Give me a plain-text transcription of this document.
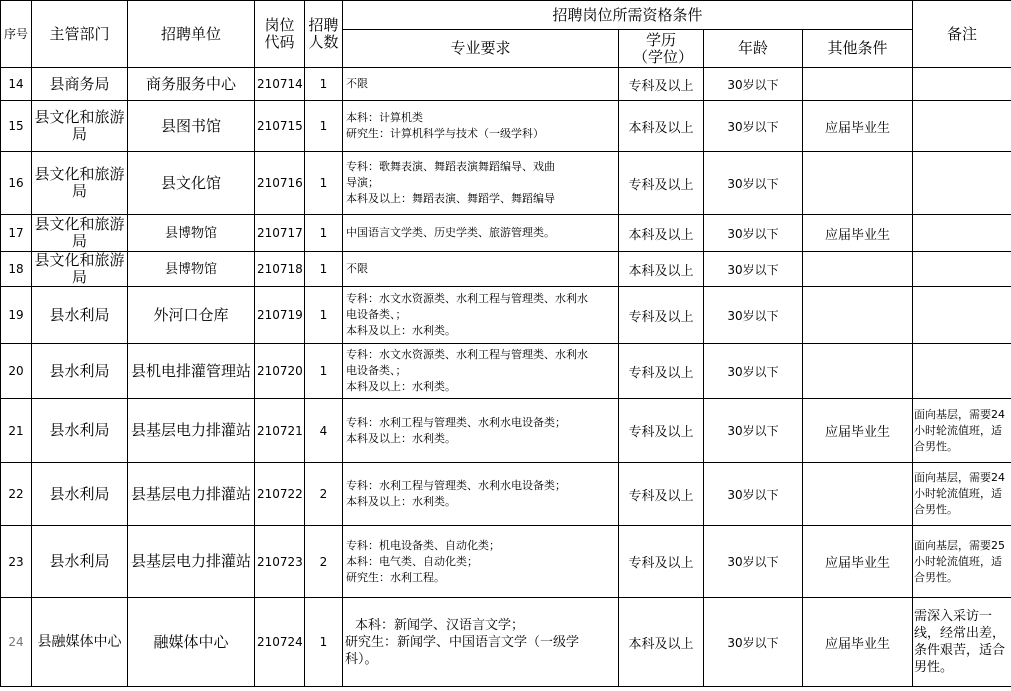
序号	主管部门	招聘单位	岗位代码	招聘人数	招聘岗位所需资格条件				备注
					专业要求	学历（学位）	年龄	其他条件	
14	县商务局	商务服务中心	210714	1	不限	专科及以上	30岁以下		
15	县文化和旅游局	县图书馆	210715	1	本科：计算机类
研究生：计算机科学与技术（一级学科）	本科及以上	30岁以下	应届毕业生	
16	县文化和旅游局	县文化馆	210716	1	专科：歌舞表演、舞蹈表演舞蹈编导、戏曲
导演；
本科及以上：舞蹈表演、舞蹈学、舞蹈编导	专科及以上	30岁以下		
17	县文化和旅游局	县博物馆	210717	1	中国语言文学类、历史学类、旅游管理类。	本科及以上	30岁以下	应届毕业生	
18	县文化和旅游局	县博物馆	210718	1	不限	本科及以上	30岁以下		
19	县水利局	外河口仓库	210719	1	专科：水文水资源类、水利工程与管理类、水利水
电设备类、；
本科及以上：水利类。	专科及以上	30岁以下		
20	县水利局	县机电排灌管理站	210720	1	专科：水文水资源类、水利工程与管理类、水利水
电设备类、；
本科及以上：水利类。	专科及以上	30岁以下		
21	县水利局	县基层电力排灌站	210721	4	专科：水利工程与管理类、水利水电设备类；
本科及以上：水利类。	专科及以上	30岁以下	应届毕业生	面向基层，需要24小时轮流值班，适合男性。
22	县水利局	县基层电力排灌站	210722	2	专科：水利工程与管理类、水利水电设备类；
本科及以上：水利类。	专科及以上	30岁以下		面向基层，需要24小时轮流值班，适合男性。
23	县水利局	县基层电力排灌站	210723	2	专科：机电设备类、自动化类；
本科：电气类、自动化类；
研究生：水利工程。	专科及以上	30岁以下	应届毕业生	面向基层，需要25小时轮流值班，适合男性。
24	县融媒体中心	融媒体中心	210724	1	本科：新闻学、汉语言文学；
研究生：新闻学、中国语言文学（一级学
科）。	本科及以上	30岁以下	应届毕业生	需深入采访一线，经常出差，条件艰苦，适合男性。
